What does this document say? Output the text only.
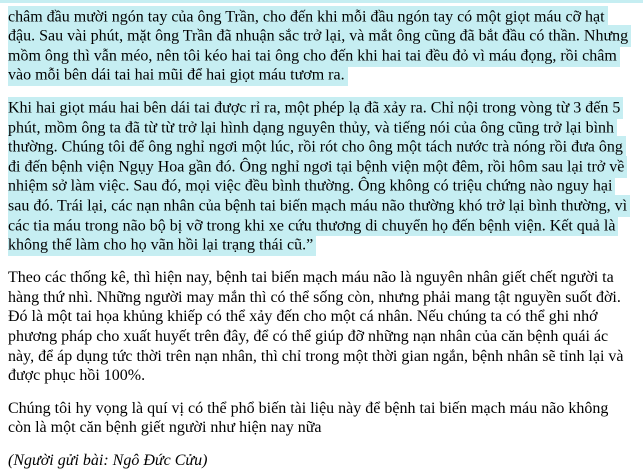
châm đầu mười ngón tay của ông Trần, cho đến khi mỗi đầu ngón tay có một giọt máu cỡ hạt đậu. Sau vài phút, mặt ông Trần đã nhuận sắc trở lại, và mắt ông cũng đã bắt đầu có thần. Nhưng mồm ông thì vẫn méo, nên tôi kéo hai tai ông cho đến khi hai tai đều đỏ vì máu đọng, rồi châm vào mỗi bên dái tai hai mũi để hai giọt máu tươm ra.

Khi hai giọt máu hai bên dái tai được rỉ ra, một phép lạ đã xảy ra. Chỉ nội trong vòng từ 3 đến 5 phút, mồm ông ta đã từ từ trở lại hình dạng nguyên thủy, và tiếng nói của ông cũng trở lại bình thường. Chúng tôi để ông nghỉ ngơi một lúc, rồi rót cho ông một tách nước trà nóng rồi đưa ông đi đến bệnh viện Ngụy Hoa gần đó. Ông nghỉ ngơi tại bệnh viện một đêm, rồi hôm sau lại trở về nhiệm sở làm việc. Sau đó, mọi việc đều bình thường. Ông không có triệu chứng nào nguy hại sau đó. Trái lại, các nạn nhân của bệnh tai biến mạch máu não thường khó trở lại bình thường, vì các tia máu trong não bộ bị vỡ trong khi xe cứu thương di chuyển họ đến bệnh viện. Kết quả là không thể làm cho họ vãn hồi lại trạng thái cũ.”

Theo các thống kê, thì hiện nay, bệnh tai biến mạch máu não là nguyên nhân giết chết người ta hàng thứ nhì. Những người may mắn thì có thể sống còn, nhưng phải mang tật nguyền suốt đời. Đó là một tai họa khủng khiếp có thể xảy đến cho một cá nhân. Nếu chúng ta có thể ghi nhớ phương pháp cho xuất huyết trên đây, để có thể giúp đỡ những nạn nhân của căn bệnh quái ác này, để áp dụng tức thời trên nạn nhân, thì chỉ trong một thời gian ngắn, bệnh nhân sẽ tỉnh lại và được phục hồi 100%.

Chúng tôi hy vọng là quí vị có thể phổ biến tài liệu này để bệnh tai biến mạch máu não không còn là một căn bệnh giết người như hiện nay nữa

(Người gửi bài: Ngô Đức Cửu)
